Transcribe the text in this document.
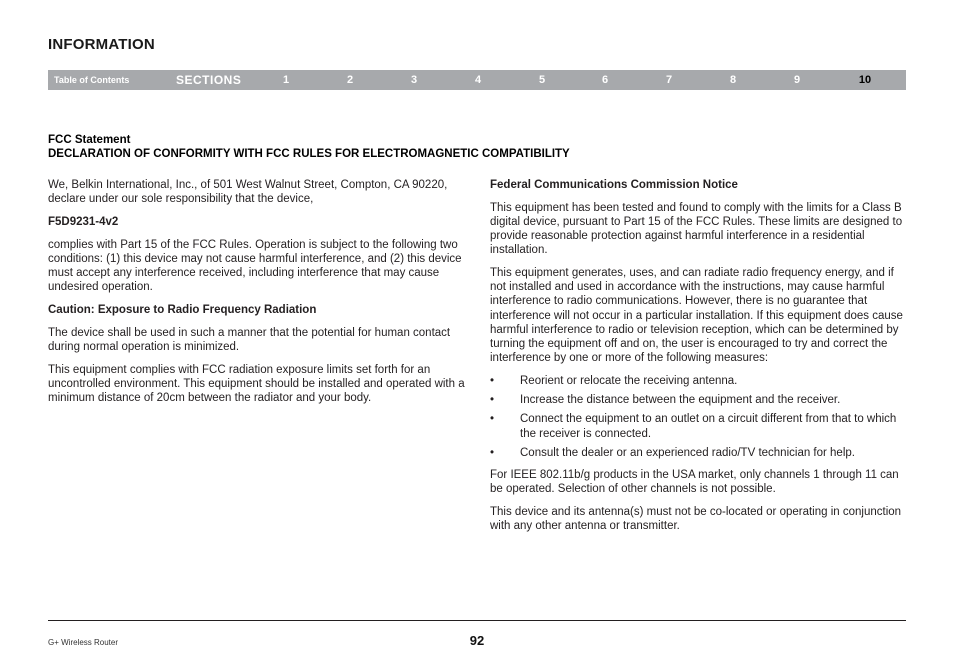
INFORMATION
Table of Contents	SECTIONS	1	2	3	4	5	6	7	8	9	10
FCC Statement
DECLARATION OF CONFORMITY WITH FCC RULES FOR ELECTROMAGNETIC COMPATIBILITY

We, Belkin International, Inc., of 501 West Walnut Street, Compton, CA 90220, declare under our sole responsibility that the device,

F5D9231-4v2

complies with Part 15 of the FCC Rules. Operation is subject to the following two conditions: (1) this device may not cause harmful interference, and (2) this device must accept any interference received, including interference that may cause undesired operation.

Caution: Exposure to Radio Frequency Radiation

The device shall be used in such a manner that the potential for human contact during normal operation is minimized.

This equipment complies with FCC radiation exposure limits set forth for an uncontrolled environment. This equipment should be installed and operated with a minimum distance of 20cm between the radiator and your body.

Federal Communications Commission Notice

This equipment has been tested and found to comply with the limits for a Class B digital device, pursuant to Part 15 of the FCC Rules. These limits are designed to provide reasonable protection against harmful interference in a residential installation.

This equipment generates, uses, and can radiate radio frequency energy, and if not installed and used in accordance with the instructions, may cause harmful interference to radio communications. However, there is no guarantee that interference will not occur in a particular installation. If this equipment does cause harmful interference to radio or television reception, which can be determined by turning the equipment off and on, the user is encouraged to try and correct the interference by one or more of the following measures:

• Reorient or relocate the receiving antenna.
• Increase the distance between the equipment and the receiver.
• Connect the equipment to an outlet on a circuit different from that to which the receiver is connected.
• Consult the dealer or an experienced radio/TV technician for help.

For IEEE 802.11b/g products in the USA market, only channels 1 through 11 can be operated. Selection of other channels is not possible.

This device and its antenna(s) must not be co-located or operating in conjunction with any other antenna or transmitter.

G+ Wireless Router	92
